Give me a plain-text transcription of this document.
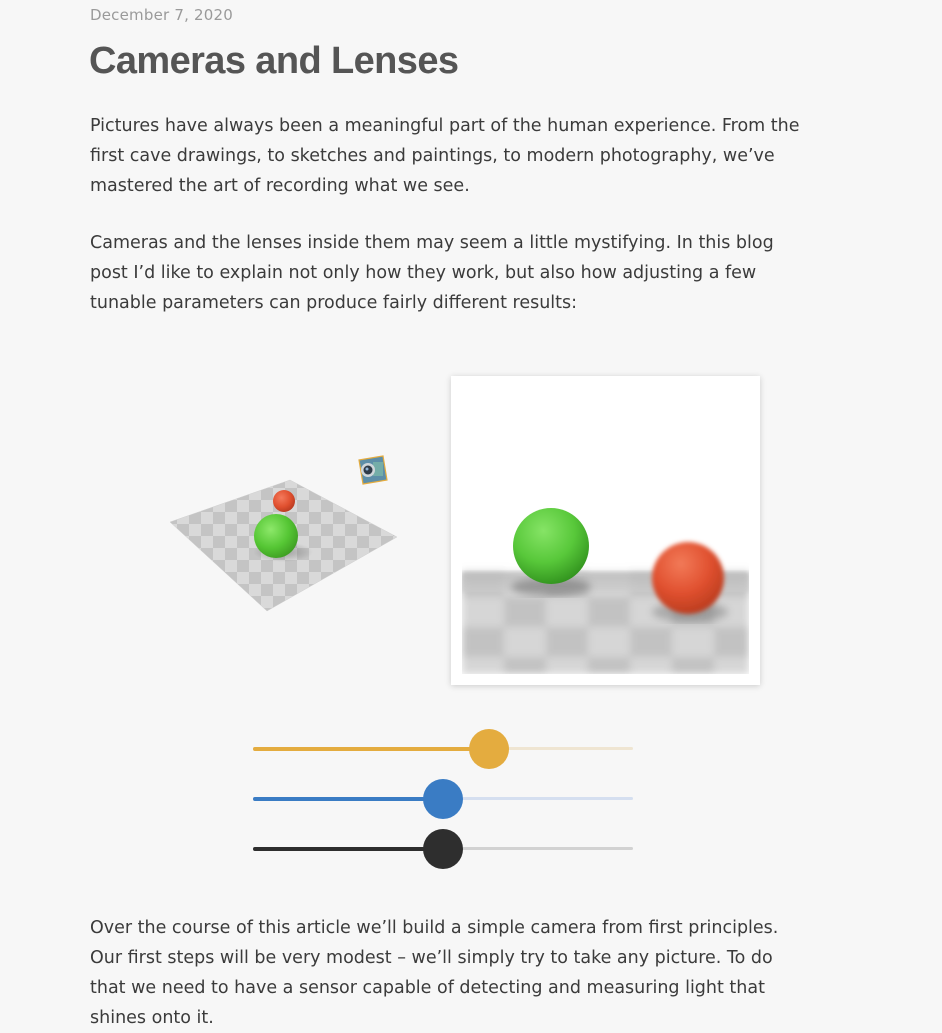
December 7, 2020
Cameras and Lenses

Pictures have always been a meaningful part of the human experience. From the first cave drawings, to sketches and paintings, to modern photography, we’ve mastered the art of recording what we see.

Cameras and the lenses inside them may seem a little mystifying. In this blog post I’d like to explain not only how they work, but also how adjusting a few tunable parameters can produce fairly different results:

Over the course of this article we’ll build a simple camera from first principles. Our first steps will be very modest – we’ll simply try to take any picture. To do that we need to have a sensor capable of detecting and measuring light that shines onto it.
